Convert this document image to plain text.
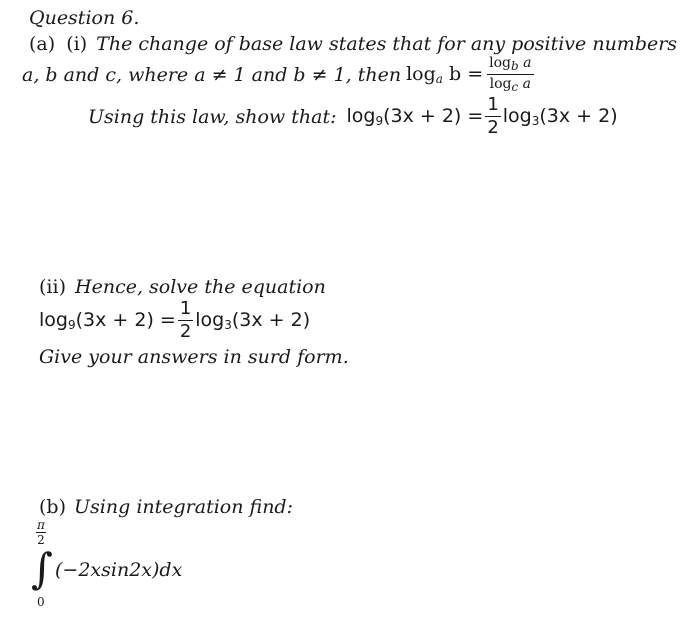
Question 6.
(a) (i) The change of base law states that for any positive numbers
a, b and c, where a ≠ 1 and b ≠ 1, then $\log_a b = \frac{\text{logb a}}{\text{logc a}}$
Using this law, show that: $\log_9(3x + 2) = \frac{1}{2} \log_3(3x + 2)$
(ii) Hence, solve the equation
$\log_9(3x + 2) = \frac{1}{2} \log_3(3x + 2)$
Give your answers in surd form.
(b) Using integration find:
$\frac{\pi}{2}$
∫ (−2xsin2x)dx
0
